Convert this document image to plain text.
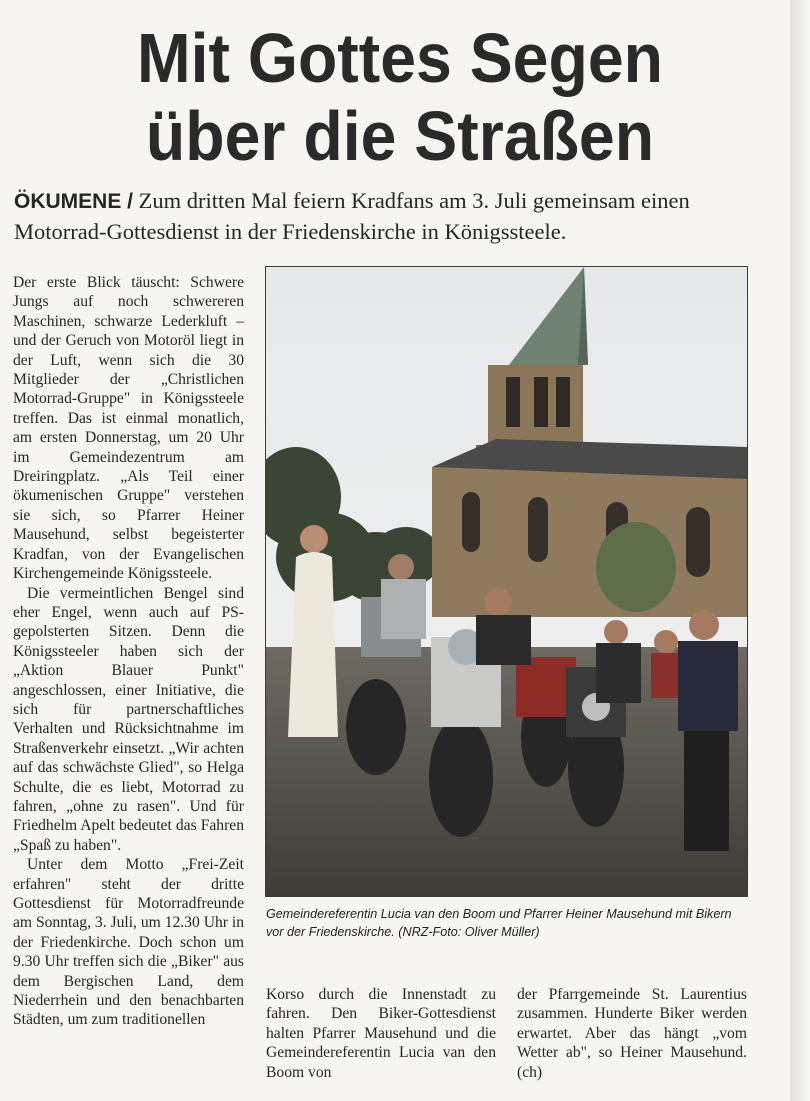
Mit Gottes Segen
über die Straßen
ÖKUMENE / Zum dritten Mal feiern Kradfans am 3. Juli gemeinsam einen Motorrad-Gottesdienst in der Friedenskirche in Königssteele.

Der erste Blick täuscht: Schwere Jungs auf noch schwereren Maschinen, schwarze Lederkluft – und der Geruch von Motoröl liegt in der Luft, wenn sich die 30 Mitglieder der „Christlichen Motorrad-Gruppe" in Königssteele treffen. Das ist einmal monatlich, am ersten Donnerstag, um 20 Uhr im Gemeindezentrum am Dreiringplatz. „Als Teil einer ökumenischen Gruppe" verstehen sie sich, so Pfarrer Heiner Mausehund, selbst begeisterter Kradfan, von der Evangelischen Kirchengemeinde Königssteele.

Die vermeintlichen Bengel sind eher Engel, wenn auch auf PS-gepolsterten Sitzen. Denn die Königssteeler haben sich der „Aktion Blauer Punkt" angeschlossen, einer Initiative, die sich für partnerschaftliches Verhalten und Rücksichtnahme im Straßenverkehr einsetzt. „Wir achten auf das schwächste Glied", so Helga Schulte, die es liebt, Motorrad zu fahren, „ohne zu rasen". Und für Friedhelm Apelt bedeutet das Fahren „Spaß zu haben".

Unter dem Motto „Frei-Zeit erfahren" steht der dritte Gottesdienst für Motorradfreunde am Sonntag, 3. Juli, um 12.30 Uhr in der Friedenkirche. Doch schon um 9.30 Uhr treffen sich die „Biker" aus dem Bergischen Land, dem Niederrhein und den benachbarten Städten, um zum traditionellen

Gemeindereferentin Lucia van den Boom und Pfarrer Heiner Mausehund mit Bikern vor der Friedenskirche. (NRZ-Foto: Oliver Müller)

Korso durch die Innenstadt zu fahren. Den Biker-Gottesdienst halten Pfarrer Mausehund und die Gemeindereferentin Lucia van den Boom von

der Pfarrgemeinde St. Laurentius zusammen. Hunderte Biker werden erwartet. Aber das hängt „vom Wetter ab", so Heiner Mausehund. (ch)
